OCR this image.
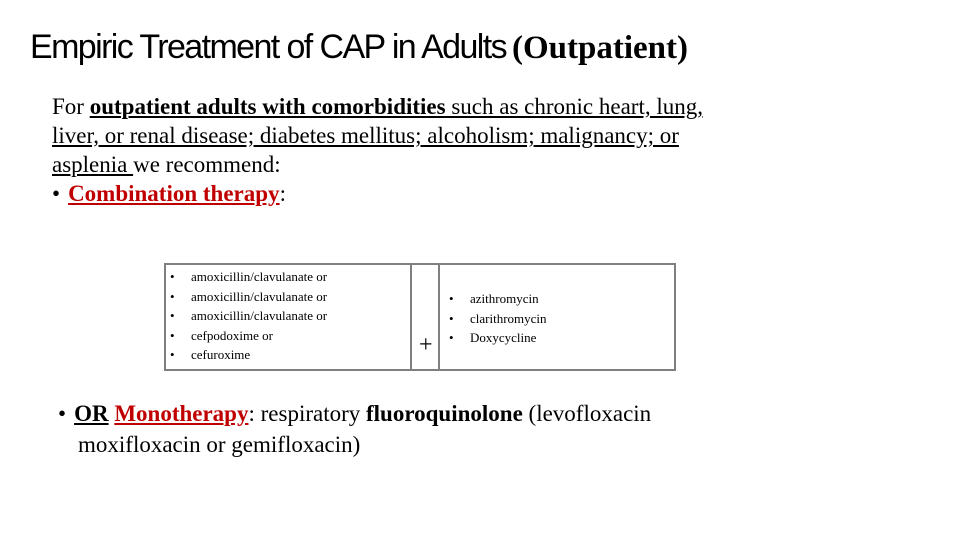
Empiric Treatment of CAP in Adults (Outpatient)
For outpatient adults with comorbidities such as chronic heart, lung,
liver, or renal disease; diabetes mellitus; alcoholism; malignancy; or
asplenia we recommend:
• Combination therapy:
+
• amoxicillin/clavulanate or
• amoxicillin/clavulanate or
• amoxicillin/clavulanate or
• cefpodoxime or
• cefuroxime
• azithromycin
• clarithromycin
• Doxycycline
• OR Monotherapy: respiratory fluoroquinolone (levofloxacin
moxifloxacin or gemifloxacin)
